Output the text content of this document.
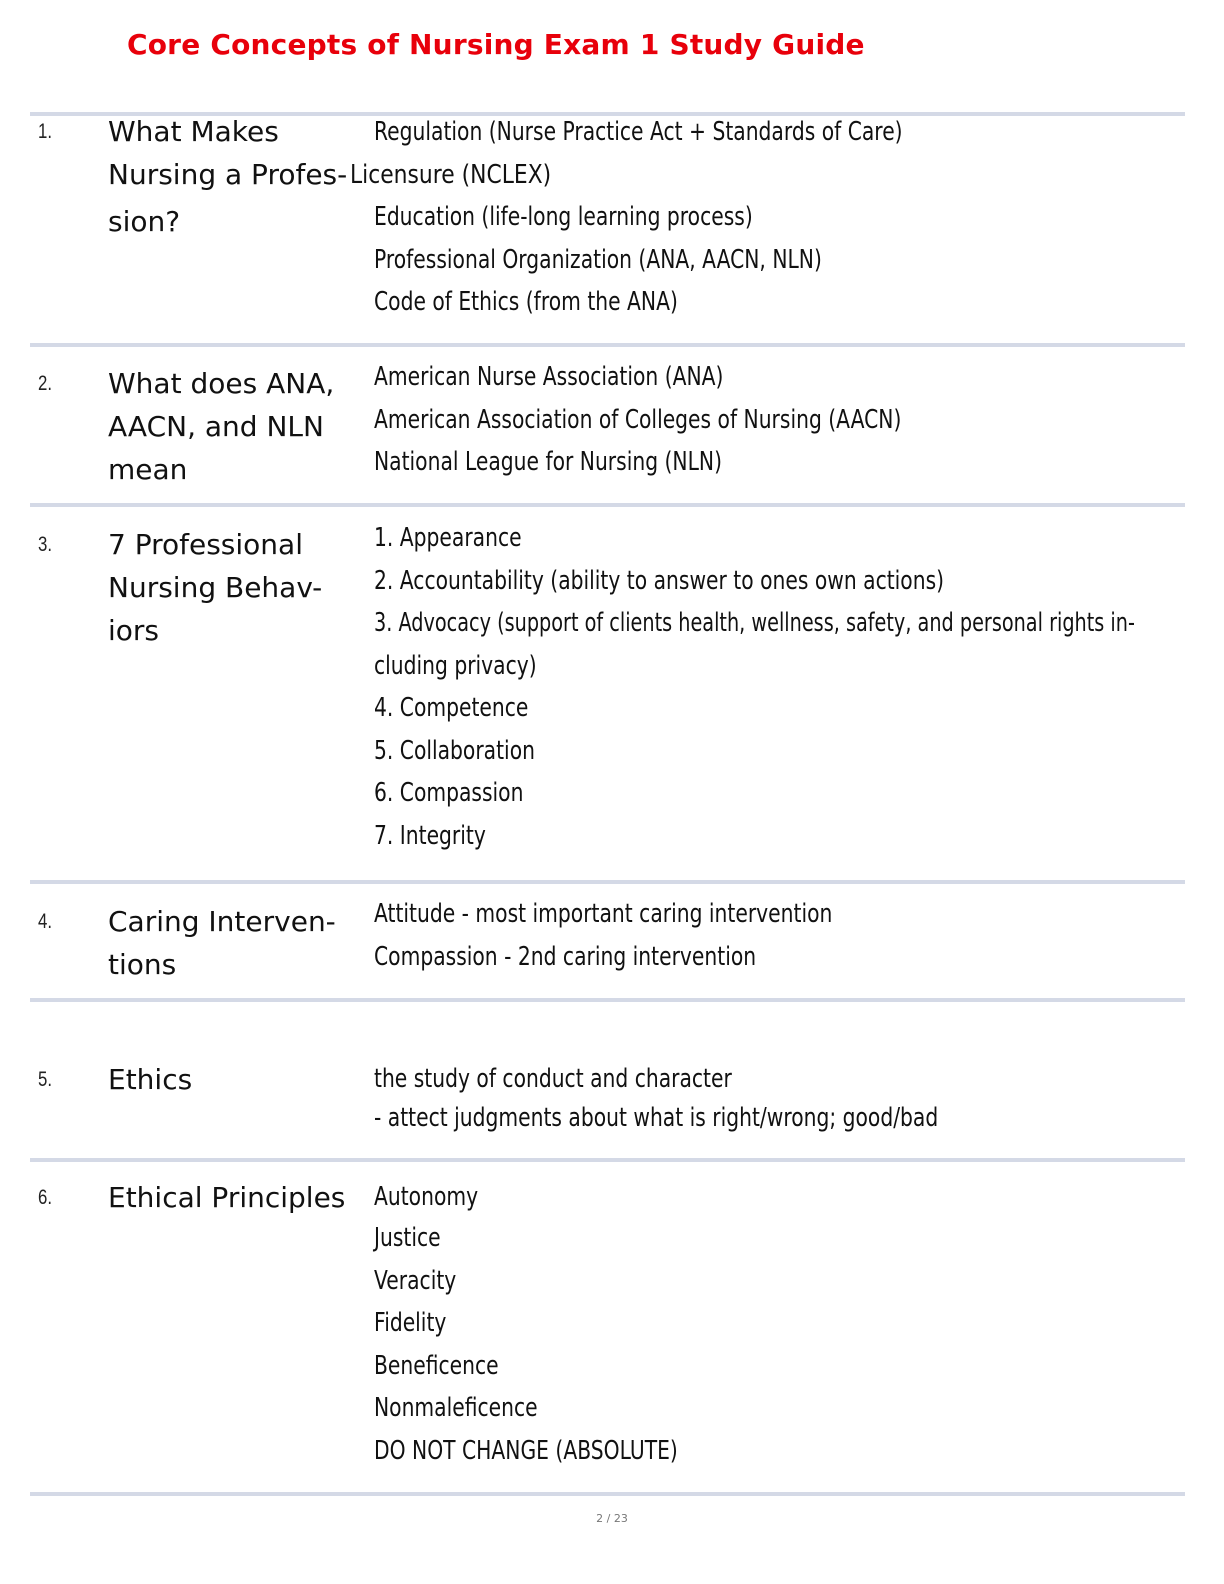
Core Concepts of Nursing Exam 1 Study Guide
1. What Makes
Nursing a Profes-
sion?
Regulation (Nurse Practice Act + Standards of Care)
Licensure (NCLEX)
Education (life-long learning process)
Professional Organization (ANA, AACN, NLN)
Code of Ethics (from the ANA)
2. What does ANA,
AACN, and NLN
mean
American Nurse Association (ANA)
American Association of Colleges of Nursing (AACN)
National League for Nursing (NLN)
3. 7 Professional
Nursing Behav-
iors
1. Appearance
2. Accountability (ability to answer to ones own actions)
3. Advocacy (support of clients health, wellness, safety, and personal rights in-
cluding privacy)
4. Competence
5. Collaboration
6. Compassion
7. Integrity
4. Caring Interven-
tions
Attitude - most important caring intervention
Compassion - 2nd caring intervention
5. Ethics	the study of conduct and character
- attect judgments about what is right/wrong; good/bad
6. Ethical Principles	Autonomy
Justice
Veracity
Fidelity
Beneficence
Nonmaleficence
DO NOT CHANGE (ABSOLUTE)
2 / 23
